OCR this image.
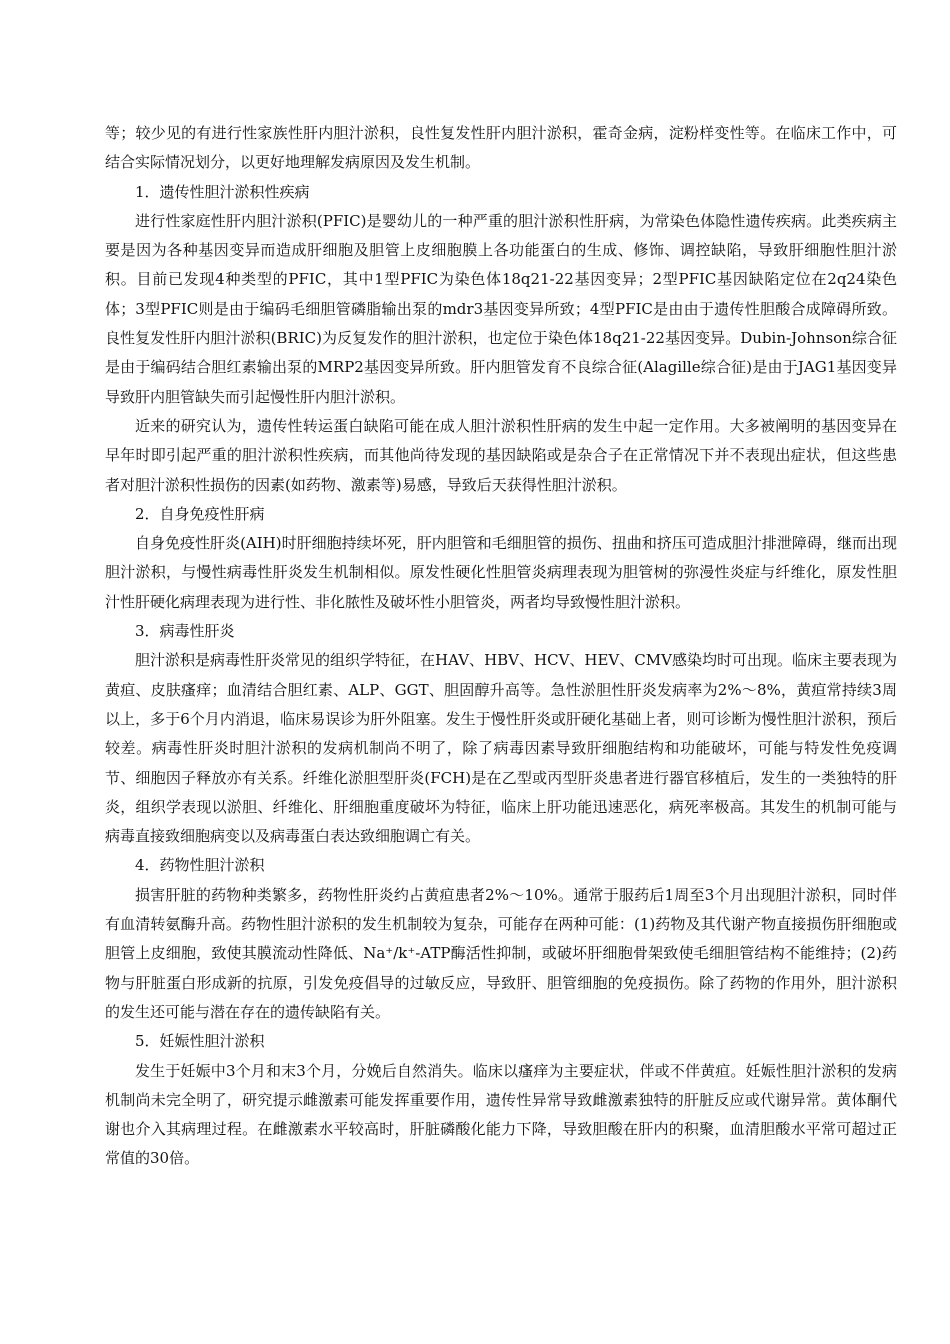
等；较少见的有进行性家族性肝内胆汁淤积，良性复发性肝内胆汁淤积，霍奇金病，淀粉样变性等。在临床工作中，可结合实际情况划分，以更好地理解发病原因及发生机制。

1．遗传性胆汁淤积性疾病

进行性家庭性肝内胆汁淤积(PFIC)是婴幼儿的一种严重的胆汁淤积性肝病，为常染色体隐性遗传疾病。此类疾病主要是因为各种基因变异而造成肝细胞及胆管上皮细胞膜上各功能蛋白的生成、修饰、调控缺陷，导致肝细胞性胆汁淤积。目前已发现4种类型的PFIC，其中1型PFIC为染色体18q21-22基因变异；2型PFIC基因缺陷定位在2q24染色体；3型PFIC则是由于编码毛细胆管磷脂输出泵的mdr3基因变异所致；4型PFIC是由由于遗传性胆酸合成障碍所致。良性复发性肝内胆汁淤积(BRIC)为反复发作的胆汁淤积，也定位于染色体18q21-22基因变异。Dubin-Johnson综合征是由于编码结合胆红素输出泵的MRP2基因变异所致。肝内胆管发育不良综合征(Alagille综合征)是由于JAG1基因变异导致肝内胆管缺失而引起慢性肝内胆汁淤积。

近来的研究认为，遗传性转运蛋白缺陷可能在成人胆汁淤积性肝病的发生中起一定作用。大多被阐明的基因变异在早年时即引起严重的胆汁淤积性疾病，而其他尚待发现的基因缺陷或是杂合子在正常情况下并不表现出症状，但这些患者对胆汁淤积性损伤的因素(如药物、激素等)易感，导致后天获得性胆汁淤积。

2．自身免疫性肝病

自身免疫性肝炎(AIH)时肝细胞持续坏死，肝内胆管和毛细胆管的损伤、扭曲和挤压可造成胆汁排泄障碍，继而出现胆汁淤积，与慢性病毒性肝炎发生机制相似。原发性硬化性胆管炎病理表现为胆管树的弥漫性炎症与纤维化，原发性胆汁性肝硬化病理表现为进行性、非化脓性及破坏性小胆管炎，两者均导致慢性胆汁淤积。

3．病毒性肝炎

胆汁淤积是病毒性肝炎常见的组织学特征，在HAV、HBV、HCV、HEV、CMV感染均时可出现。临床主要表现为黄疸、皮肤瘙痒；血清结合胆红素、ALP、GGT、胆固醇升高等。急性淤胆性肝炎发病率为2%～8%，黄疸常持续3周以上，多于6个月内消退，临床易误诊为肝外阻塞。发生于慢性肝炎或肝硬化基础上者，则可诊断为慢性胆汁淤积，预后较差。病毒性肝炎时胆汁淤积的发病机制尚不明了，除了病毒因素导致肝细胞结构和功能破坏，可能与特发性免疫调节、细胞因子释放亦有关系。纤维化淤胆型肝炎(FCH)是在乙型或丙型肝炎患者进行器官移植后，发生的一类独特的肝炎，组织学表现以淤胆、纤维化、肝细胞重度破坏为特征，临床上肝功能迅速恶化，病死率极高。其发生的机制可能与病毒直接致细胞病变以及病毒蛋白表达致细胞调亡有关。

4．药物性胆汁淤积

损害肝脏的药物种类繁多，药物性肝炎约占黄疸患者2%～10%。通常于服药后1周至3个月出现胆汁淤积，同时伴有血清转氨酶升高。药物性胆汁淤积的发生机制较为复杂，可能存在两种可能：(1)药物及其代谢产物直接损伤肝细胞或胆管上皮细胞，致使其膜流动性降低、Na⁺/k⁺-ATP酶活性抑制，或破坏肝细胞骨架致使毛细胆管结构不能维持；(2)药物与肝脏蛋白形成新的抗原，引发免疫倡导的过敏反应，导致肝、胆管细胞的免疫损伤。除了药物的作用外，胆汁淤积的发生还可能与潜在存在的遗传缺陷有关。

5．妊娠性胆汁淤积

发生于妊娠中3个月和末3个月，分娩后自然消失。临床以瘙痒为主要症状，伴或不伴黄疸。妊娠性胆汁淤积的发病机制尚未完全明了，研究提示雌激素可能发挥重要作用，遗传性异常导致雌激素独特的肝脏反应或代谢异常。黄体酮代谢也介入其病理过程。在雌激素水平较高时，肝脏磷酸化能力下降，导致胆酸在肝内的积聚，血清胆酸水平常可超过正常值的30倍。
